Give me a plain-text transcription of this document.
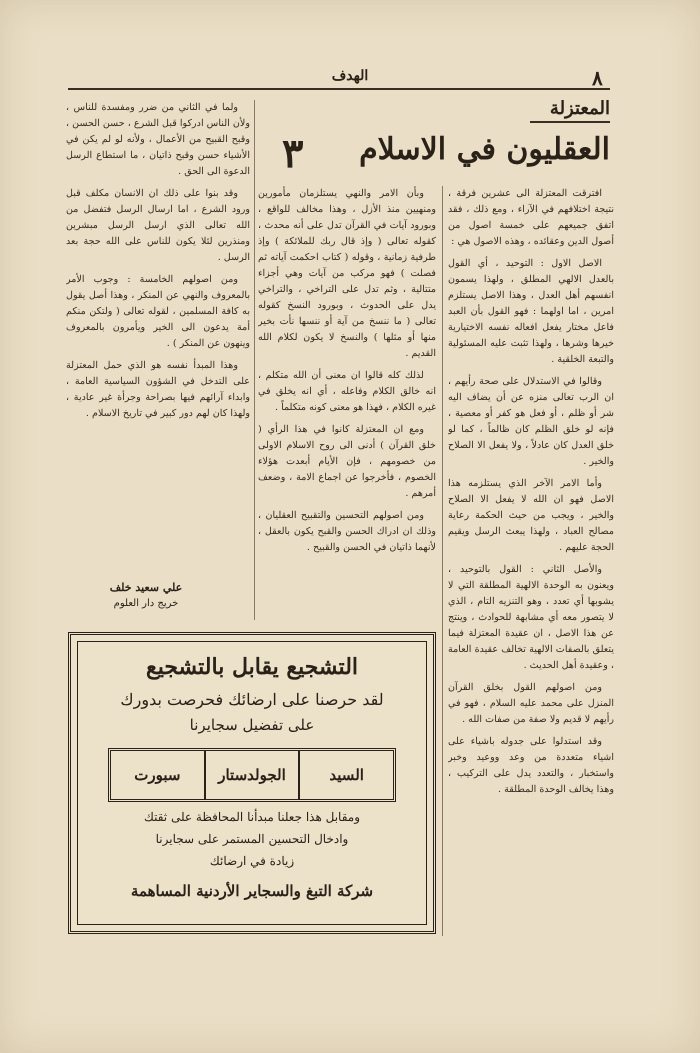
٨
الهدف
المعتزلة
العقليون في الاسلام
٣

افترقت المعتزلة الى عشرين فرقة ، نتيجة اختلافهم في الآراء ، ومع ذلك ، فقد اتفق جميعهم على خمسة اصول من أصول الدين وعقائده ، وهذه الاصول هي :

الاصل الاول : التوحيد ، أي القول بالعدل الالهي المطلق ، ولهذا يسمون انفسهم أهل العدل ، وهذا الاصل يستلزم امرين ، اما اولهما : فهو القول بأن العبد فاعل مختار يفعل افعاله نفسه الاختيارية خيرها وشرها ، ولهذا تثبت عليه المسئولية والتبعة الخلقية .

وقالوا في الاستدلال على صحة رأيهم ، ان الرب تعالى منزه عن أن يضاف اليه شر أو ظلم ، أو فعل هو كفر أو معصية ، فإنه لو خلق الظلم كان ظالماً ، كما لو خلق العدل كان عادلاً ، ولا يفعل الا الصلاح والخير .

وأما الامر الآخر الذي يستلزمه هذا الاصل فهو ان الله لا يفعل الا الصلاح والخير ، ويجب من حيث الحكمة رعاية مصالح العباد ، ولهذا يبعث الرسل ويقيم الحجة عليهم .

والأصل الثاني : القول بالتوحيد ، ويعنون به الوحدة الالهية المطلقة التي لا يشوبها أي تعدد ، وهو التنزيه التام ، الذي لا يتصور معه أي مشابهة للحوادث ، وينتج عن هذا الاصل ، ان عقيدة المعتزلة فيما يتعلق بالصفات الالهية تخالف عقيدة العامة ، وعقيدة أهل الحديث .

ومن اصولهم القول بخلق القرآن المنزل على محمد عليه السلام ، فهو في رأيهم لا قديم ولا صفة من صفات الله .

وقد استدلوا على جدوله باشياء على اشياء متعددة من وعد ووعيد وخبر واستخبار ، والتعدد يدل على التركيب ، وهذا يخالف الوحدة المطلقة .

وبأن الامر والنهي يستلزمان مأمورين ومنهيين منذ الأزل ، وهذا مخالف للواقع ، وبورود آيات في القرآن تدل على أنه محدث ، كقوله تعالى ( وإذ قال ربك للملائكة ) وإذ طرفية زمانية ، وقوله ( كتاب احكمت آياته ثم فصلت ) فهو مركب من آيات وهي أجزاء متتالية ، وثم تدل على التراخي ، والتراخي يدل على الحدوث ، وبورود النسخ كقوله تعالى ( ما ننسخ من آية أو ننسها نأت بخير منها أو مثلها ) والنسخ لا يكون لكلام الله القديم .

لذلك كله قالوا ان معنى أن الله متكلم ، انه خالق الكلام وفاعله ، أي انه يخلق في غيره الكلام ، فهذا هو معنى كونه متكلماً .

ومع ان المعتزلة كانوا في هذا الرأي ( خلق القرآن ) أدنى الى روح الاسلام الاولى من خصومهم ، فإن الأيام أبعدت هؤلاء الخصوم ، فأخرجوا عن اجماع الامة ، وضعف أمرهم .

ومن اصولهم التحسين والتقبيح العقليان ، وذلك ان ادراك الحسن والقبح يكون بالعقل ، لأنهما ذاتيان في الحسن والقبيح .

ولما في الثاني من ضرر ومفسدة للناس ، ولأن الناس ادركوا قبل الشرع ، حسن الحسن ، وقبح القبيح من الأعمال ، ولأنه لو لم يكن في الأشياء حسن وقبح ذاتيان ، ما استطاع الرسل الدعوة الى الحق .

وقد بنوا على ذلك ان الانسان مكلف قبل ورود الشرع ، اما ارسال الرسل فتفضل من الله تعالى الذي ارسل الرسل مبشرين ومنذرين لئلا يكون للناس على الله حجة بعد الرسل .

ومن اصولهم الخامسة : وجوب الأمر بالمعروف والنهي عن المنكر ، وهذا أصل يقول به كافة المسلمين ، لقوله تعالى ( ولتكن منكم أمة يدعون الى الخير ويأمرون بالمعروف وينهون عن المنكر ) .

وهذا المبدأ نفسه هو الذي حمل المعتزلة على التدخل في الشؤون السياسية العامة ، وابداء آرائهم فيها بصراحة وجرأة غير عادية ، ولهذا كان لهم دور كبير في تاريخ الاسلام .

علي سعيد خلف
خريج دار العلوم
التشجيع يقابل بالتشجيع
لقد حرصنا على ارضائك فحرصت بدورك
على تفضيل سجايرنا
السيد
الجولدستار
سبورت
ومقابل هذا جعلنا مبدأنا المحافظة على ثقتك
وادخال التحسين المستمر على سجايرنا
زيادة في ارضائك
شركة التبغ والسجاير الأردنية المساهمة
